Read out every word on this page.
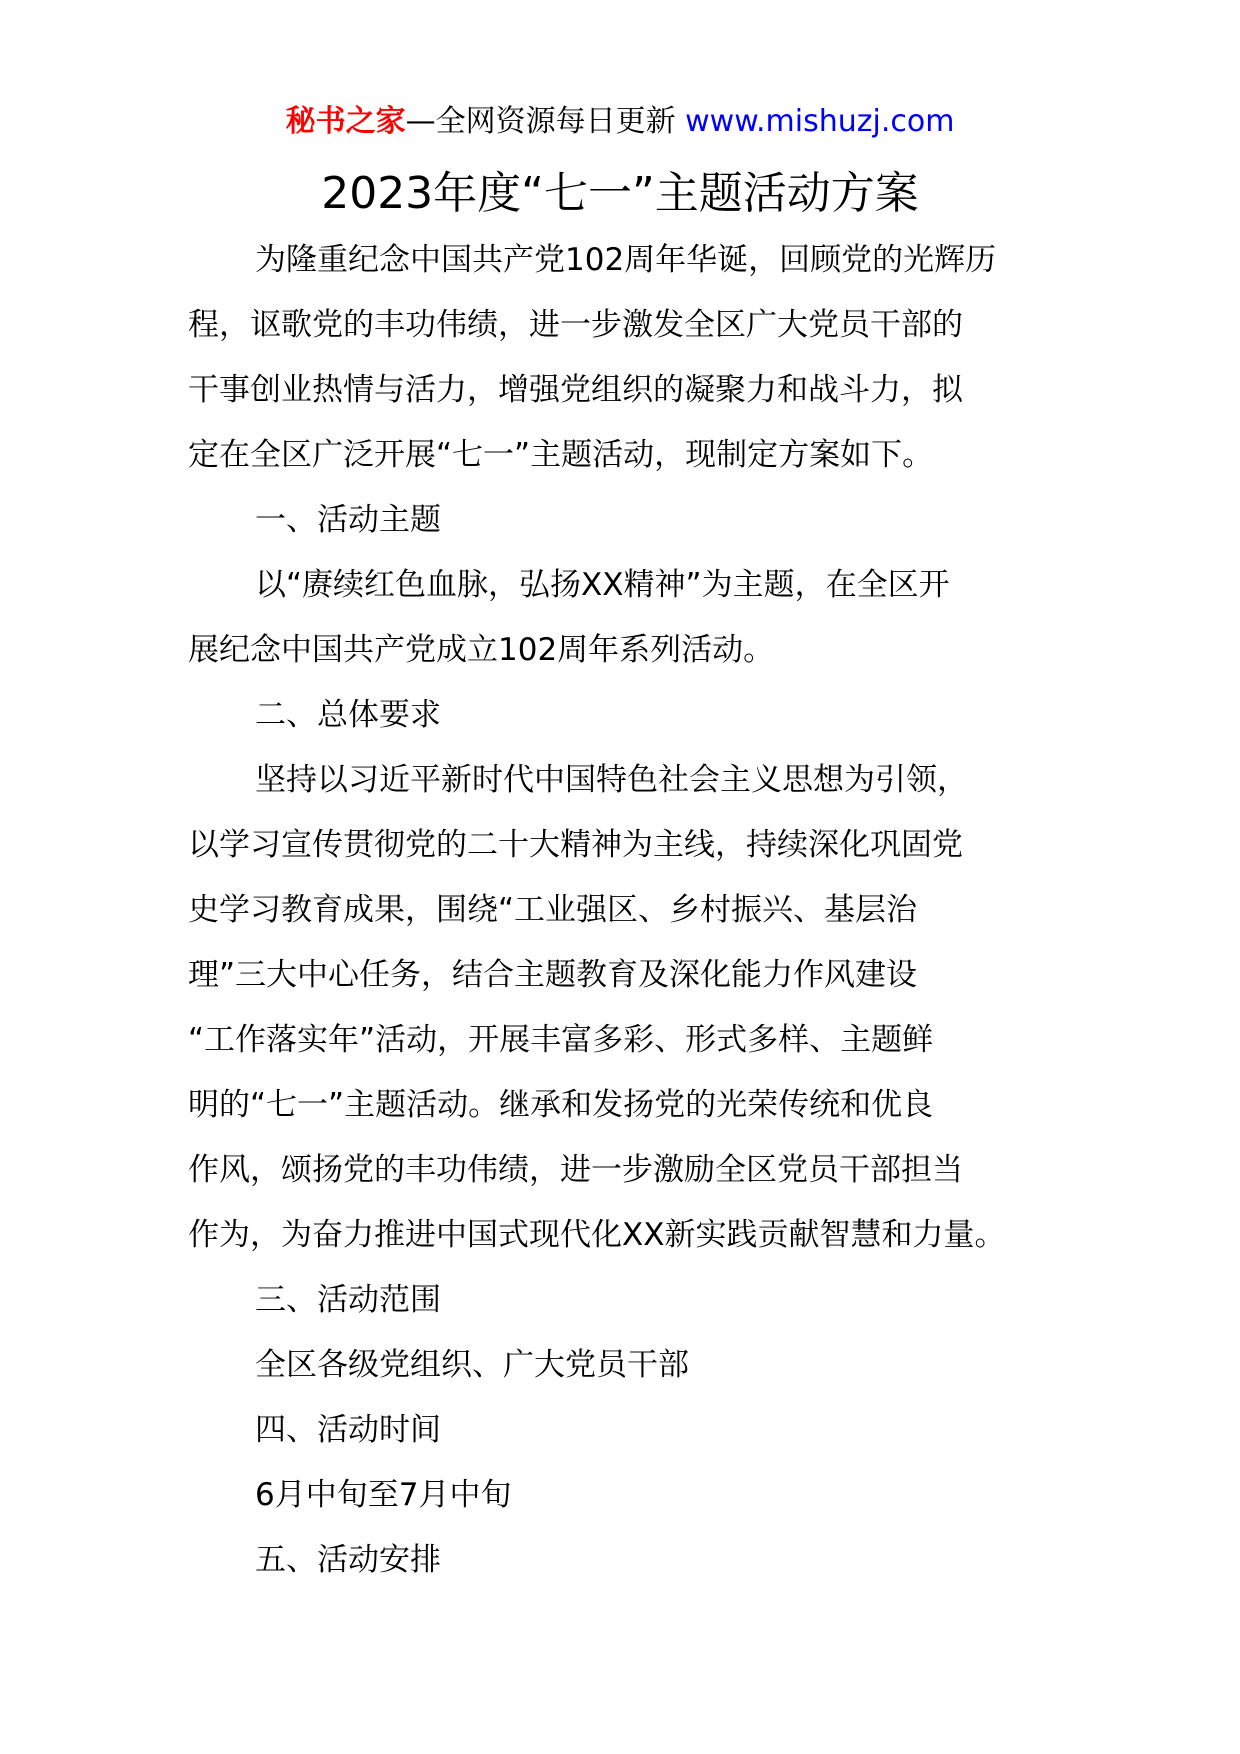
秘书之家—全网资源每日更新 www.mishuzj.com
2023年度“七一”主题活动方案
为隆重纪念中国共产党102周年华诞，回顾党的光辉历
程，讴歌党的丰功伟绩，进一步激发全区广大党员干部的
干事创业热情与活力，增强党组织的凝聚力和战斗力，拟
定在全区广泛开展“七一”主题活动，现制定方案如下。
一、活动主题
以“赓续红色血脉，弘扬XX精神”为主题，在全区开
展纪念中国共产党成立102周年系列活动。
二、总体要求
坚持以习近平新时代中国特色社会主义思想为引领，
以学习宣传贯彻党的二十大精神为主线，持续深化巩固党
史学习教育成果，围绕“工业强区、乡村振兴、基层治
理”三大中心任务，结合主题教育及深化能力作风建设
“工作落实年”活动，开展丰富多彩、形式多样、主题鲜
明的“七一”主题活动。继承和发扬党的光荣传统和优良
作风，颂扬党的丰功伟绩，进一步激励全区党员干部担当
作为，为奋力推进中国式现代化XX新实践贡献智慧和力量。
三、活动范围
全区各级党组织、广大党员干部
四、活动时间
6月中旬至7月中旬
五、活动安排
